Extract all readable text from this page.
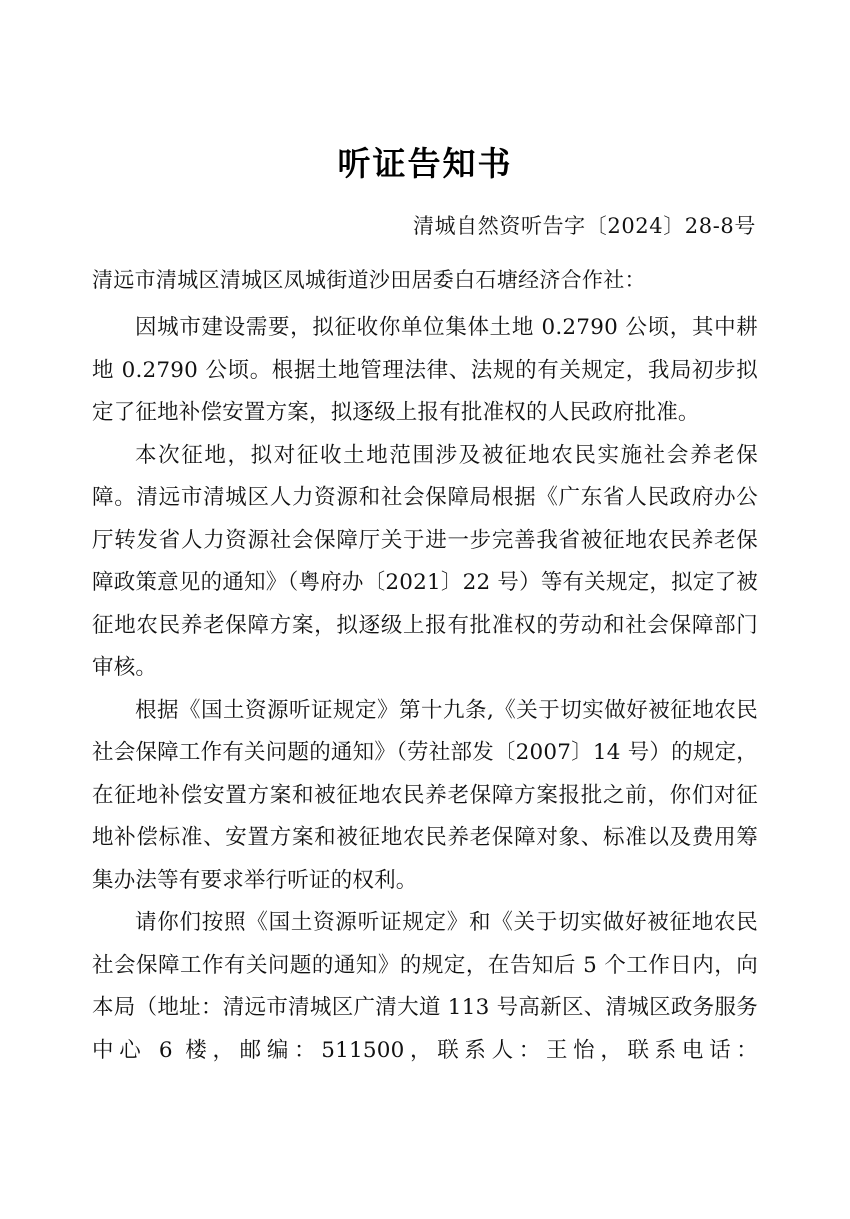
听证告知书
清城自然资听告字〔2024〕28-8号
清远市清城区清城区凤城街道沙田居委白石塘经济合作社：

因城市建设需要，拟征收你单位集体土地 0.2790 公顷，其中耕地 0.2790 公顷。根据土地管理法律、法规的有关规定，我局初步拟定了征地补偿安置方案，拟逐级上报有批准权的人民政府批准。

本次征地，拟对征收土地范围涉及被征地农民实施社会养老保障。清远市清城区人力资源和社会保障局根据《广东省人民政府办公厅转发省人力资源社会保障厅关于进一步完善我省被征地农民养老保障政策意见的通知》（粤府办〔2021〕22 号）等有关规定，拟定了被征地农民养老保障方案，拟逐级上报有批准权的劳动和社会保障部门审核。

根据《国土资源听证规定》第十九条,《关于切实做好被征地农民社会保障工作有关问题的通知》（劳社部发〔2007〕14 号）的规定，在征地补偿安置方案和被征地农民养老保障方案报批之前，你们对征地补偿标准、安置方案和被征地农民养老保障对象、标准以及费用筹集办法等有要求举行听证的权利。

请你们按照《国土资源听证规定》和《关于切实做好被征地农民社会保障工作有关问题的通知》的规定，在告知后 5 个工作日内，向本局（地址：清远市清城区广清大道 113 号高新区、清城区政务服务中心 6 楼，邮编：511500，联系人：王怡，联系电话：
